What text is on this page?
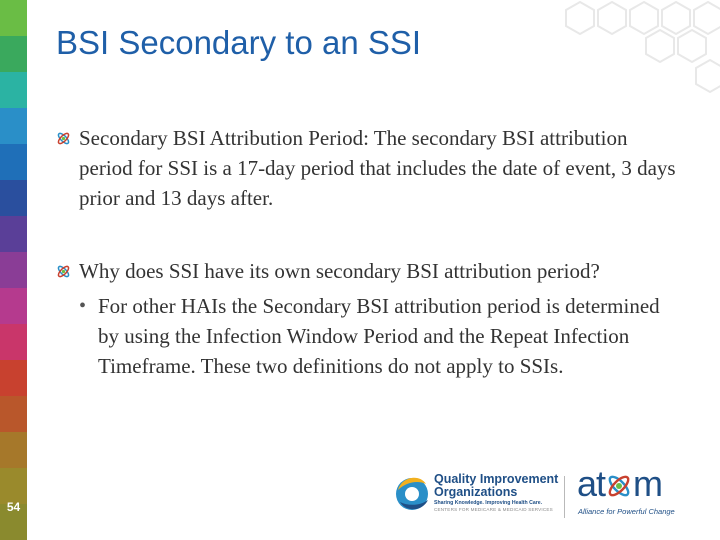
54
BSI Secondary to an SSI
Secondary BSI Attribution Period: The secondary BSI attribution period for SSI is a 17-day period that includes the date of event, 3 days prior and 13 days after.
Why does SSI have its own secondary BSI attribution period?
• For other HAIs the Secondary BSI attribution period is determined by using the Infection Window Period and the Repeat Infection Timeframe. These two definitions do not apply to SSIs.
Quality Improvement
Organizations
Sharing Knowledge. Improving Health Care.
CENTERS FOR MEDICARE & MEDICAID SERVICES
at m
Alliance for Powerful Change
